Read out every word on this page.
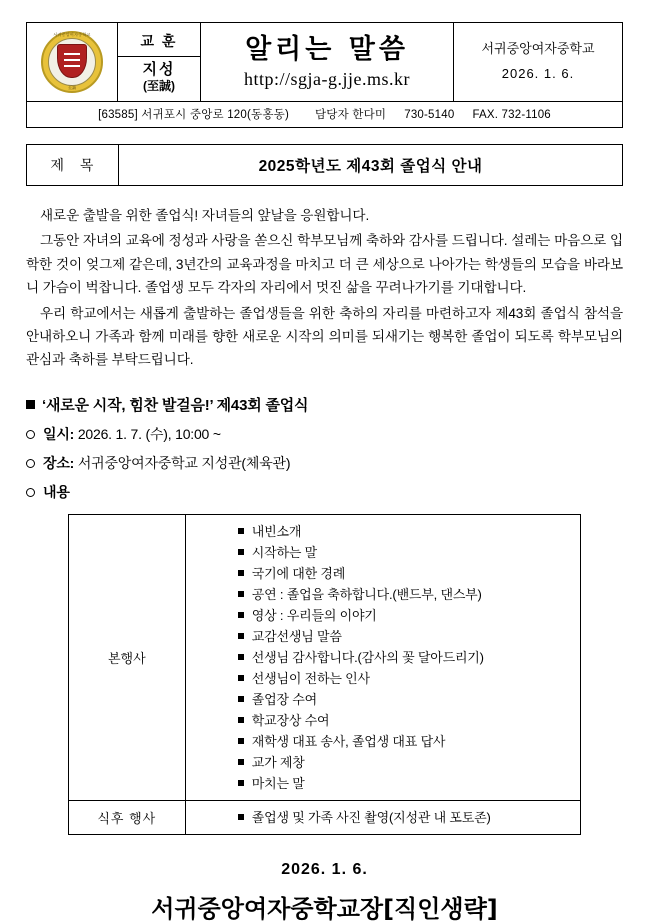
서귀중앙여자중학교
至誠

교 훈
지성
(至誠)

알리는 말씀
http://sgja-g.jje.ms.kr

서귀중앙여자중학교
2026. 1. 6.

[63585] 서귀포시 중앙로 120(동홍동) 담당자 한다미 730-5140 FAX. 732-1106
제 목	2025학년도 제43회 졸업식 안내

새로운 출발을 위한 졸업식! 자녀들의 앞날을 응원합니다.

그동안 자녀의 교육에 정성과 사랑을 쏟으신 학부모님께 축하와 감사를 드립니다. 설레는 마음으로 입학한 것이 엊그제 같은데, 3년간의 교육과정을 마치고 더 큰 세상으로 나아가는 학생들의 모습을 바라보니 가슴이 벅찹니다. 졸업생 모두 각자의 자리에서 멋진 삶을 꾸려나가기를 기대합니다.

우리 학교에서는 새롭게 출발하는 졸업생들을 위한 축하의 자리를 마련하고자 제43회 졸업식 참석을 안내하오니 가족과 함께 미래를 향한 새로운 시작의 의미를 되새기는 행복한 졸업이 되도록 학부모님의 관심과 축하를 부탁드립니다.

‘새로운 시작, 힘찬 발걸음!’ 제43회 졸업식
일시: 2026. 1. 7. (수), 10:00 ~
장소: 서귀중앙여자중학교 지성관(체육관)
내용
본행사	
내빈소개
시작하는 말
국기에 대한 경례
공연 : 졸업을 축하합니다.(밴드부, 댄스부)
영상 : 우리들의 이야기
교감선생님 말씀
선생님 감사합니다.(감사의 꽃 달아드리기)
선생님이 전하는 인사
졸업장 수여
학교장상 수여
재학생 대표 송사, 졸업생 대표 답사
교가 제창
마치는 말

식후 행사	졸업생 및 가족 사진 촬영(지성관 내 포토존)
2026. 1. 6.
서귀중앙여자중학교장[직인생략]
